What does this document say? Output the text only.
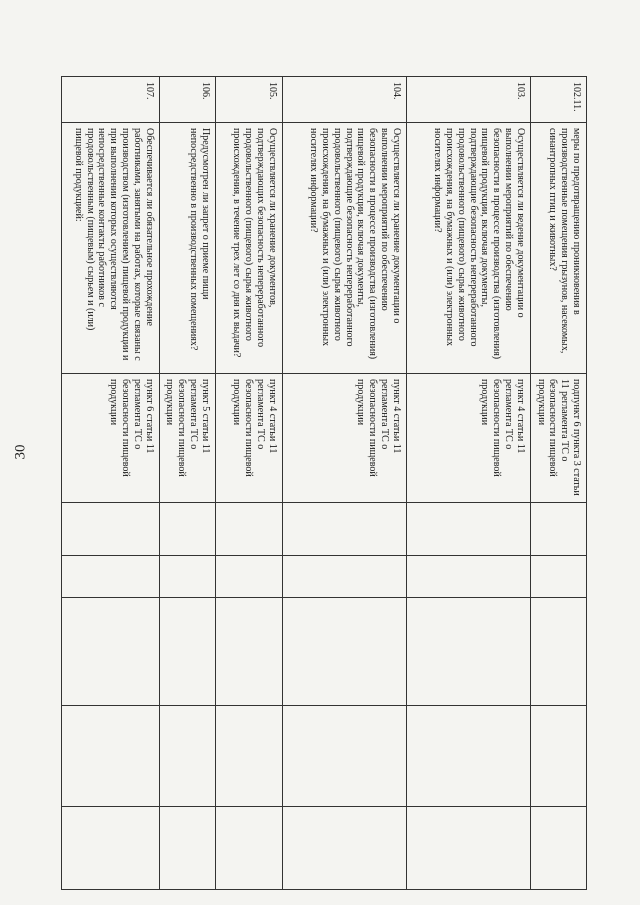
30
102.11.	меры по предотвращению проникновения в производственные помещения грызунов, насекомых, синантропных птиц и животных?	подпункт 6 пункта 3 статьи 11 регламента ТС о безопасности пищевой продукции					
103.	Осуществляется ли ведение документации о выполнении мероприятий по обеспечению безопасности в процессе производства (изготовления) пищевой продукции, включая документы, подтверждающие безопасность непереработанного продовольственного (пищевого) сырья животного происхождения, на бумажных и (или) электронных носителях информации?	пункт 4 статьи 11 регламента ТС о безопасности пищевой продукции					
104.	Осуществляется ли хранение документации о выполнении мероприятий по обеспечению безопасности в процессе производства (изготовления) пищевой продукции, включая документы, подтверждающие безопасность непереработанного продовольственного (пищевого) сырья животного происхождения, на бумажных и (или) электронных носителях информации?	пункт 4 статьи 11 регламента ТС о безопасности пищевой продукции					
105.	Осуществляется ли хранение документов, подтверждающих безопасность непереработанного продовольственного (пищевого) сырья животного происхождения, в течение трех лет со дня их выдачи?	пункт 4 статьи 11 регламента ТС о безопасности пищевой продукции					
106.	Предусмотрен ли запрет о приеме пищи непосредственно в производственных помещениях?	пункт 5 статьи 11 регламента ТС о безопасности пищевой продукции					
107.	Обеспечивается ли обязательное прохождение работниками, занятыми на работах, которые связаны с производством (изготовлением) пищевой продукции и при выполнении которых осуществляются непосредственные контакты работников с продовольственным (пищевым) сырьем и (или) пищевой продукцией:	пункт 6 статьи 11 регламента ТС о безопасности пищевой продукции					
